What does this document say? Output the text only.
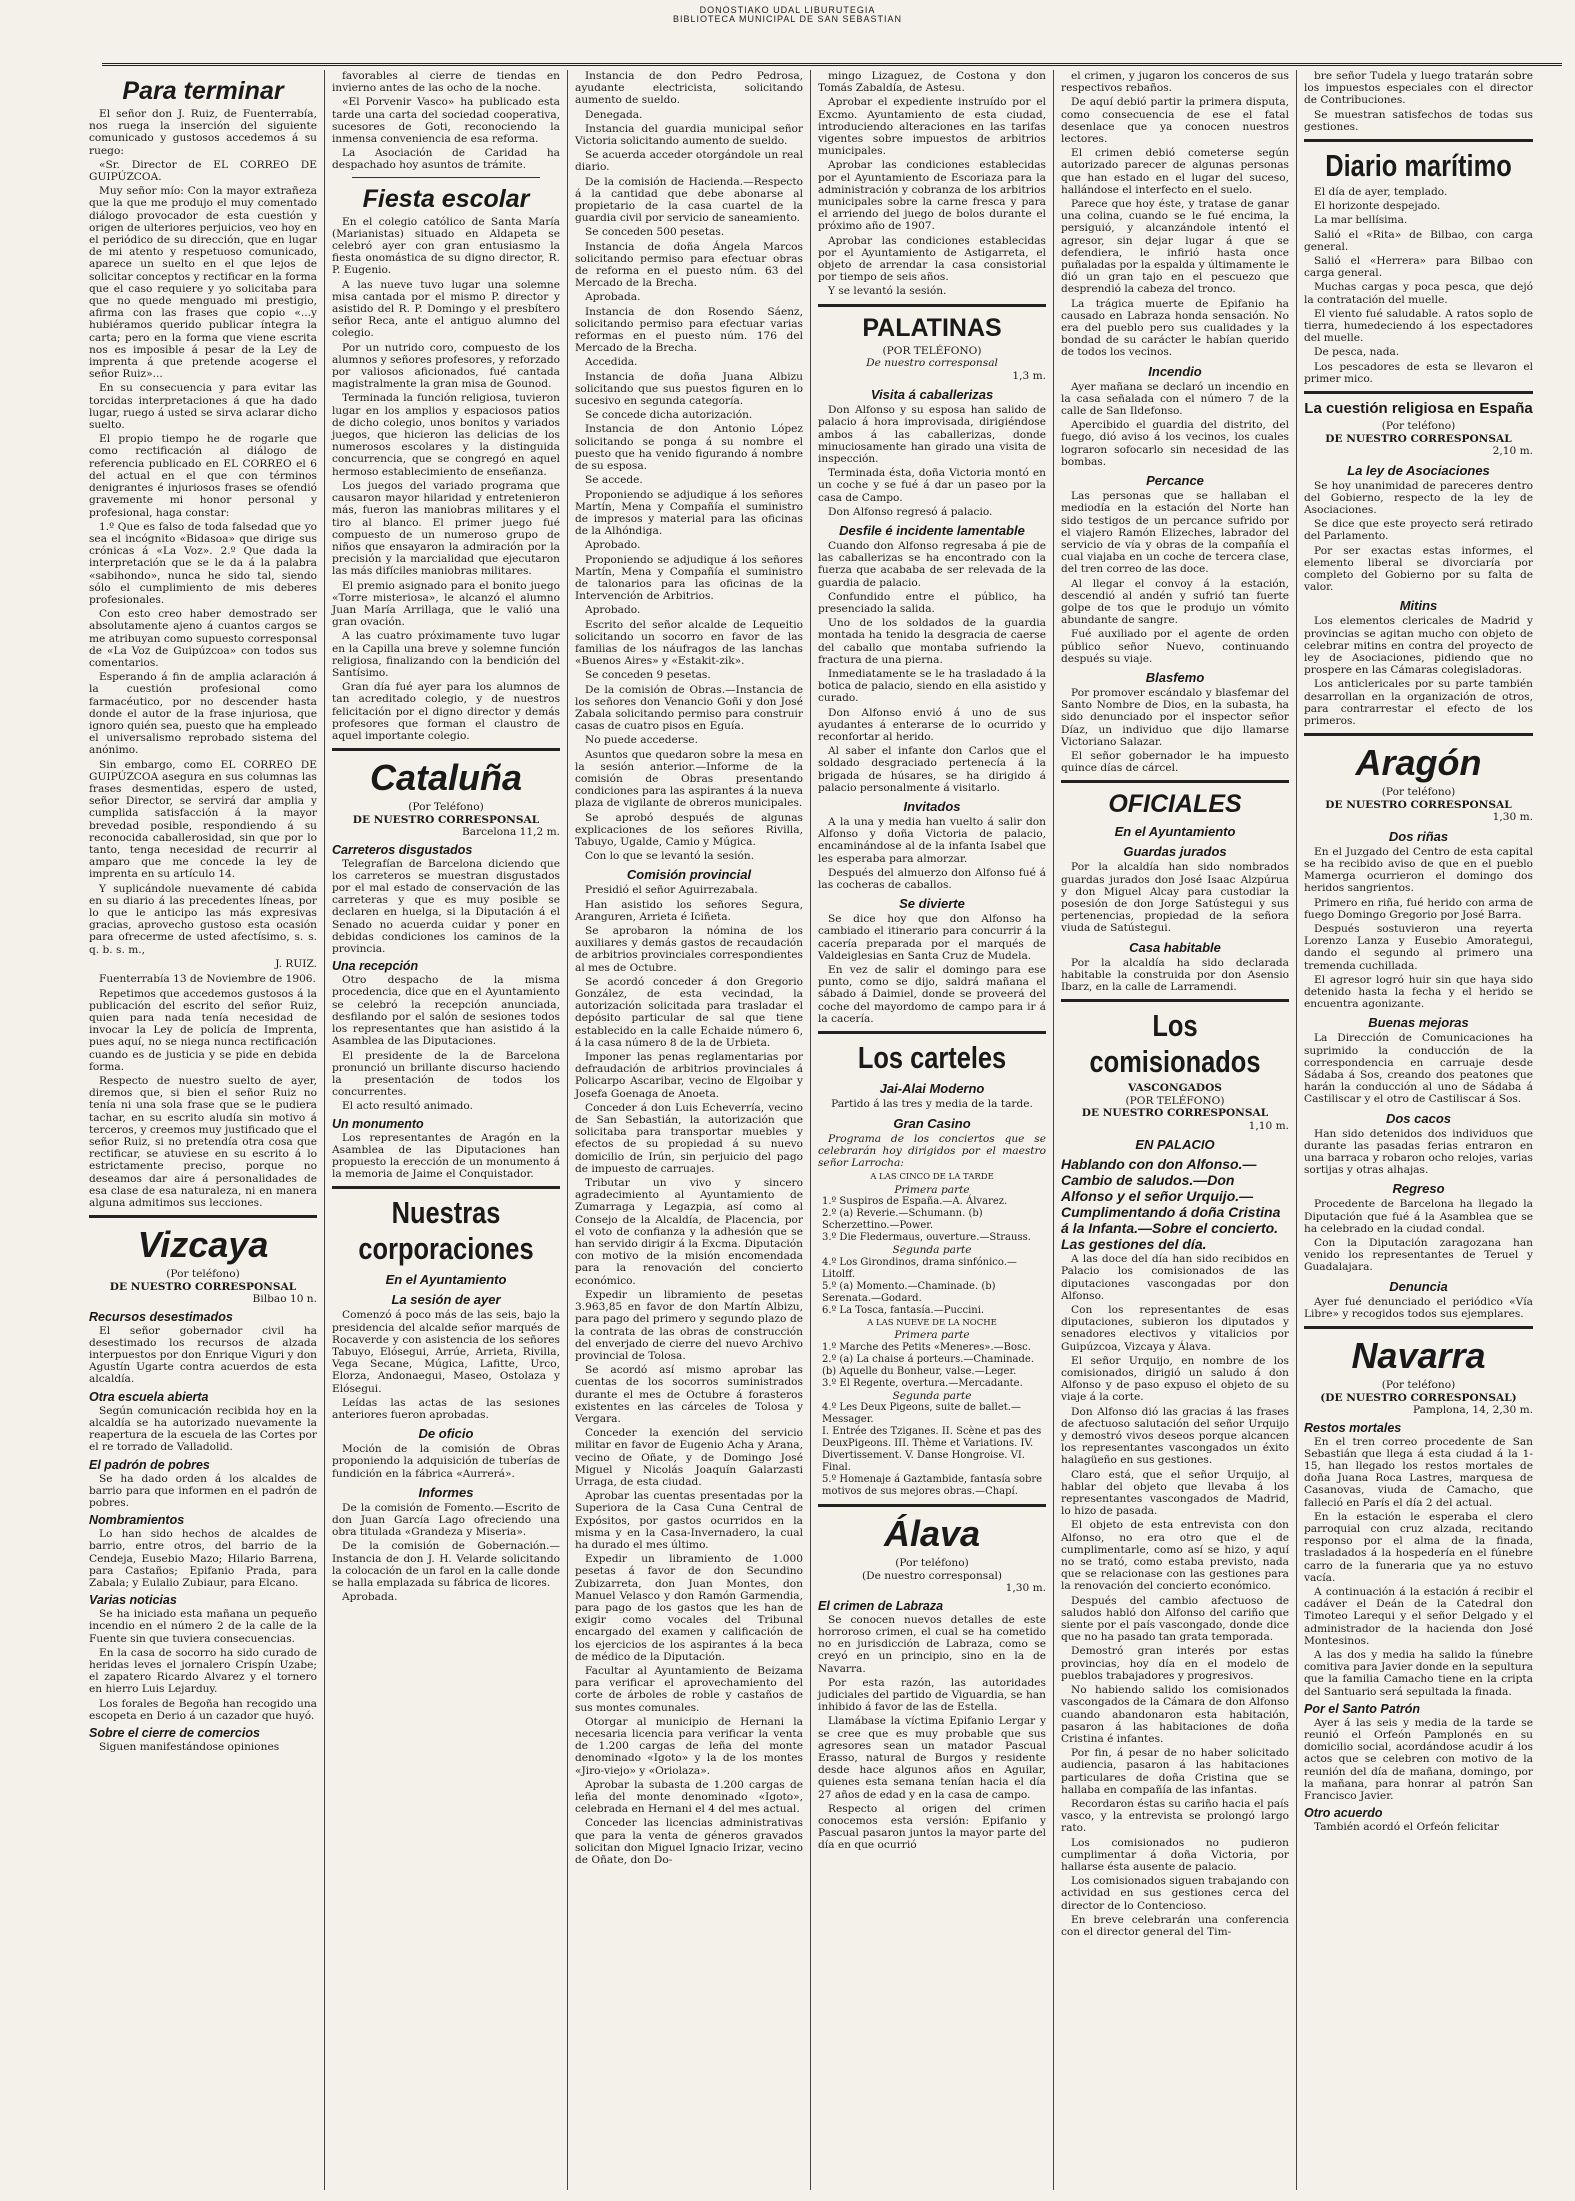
DONOSTIAKO UDAL LIBURUTEGIA
BIBLIOTECA MUNICIPAL DE SAN SEBASTIAN
Para terminar

El señor don J. Ruiz, de Fuenterrabía, nos ruega la inserción del siguiente comunicado y gustosos accedemos á su ruego:

«Sr. Director de EL CORREO DE GUIPÚZCOA.

Muy señor mío: Con la mayor extrañeza que la que me produjo el muy comentado diálogo provocador de esta cuestión y origen de ulteriores perjuicios, veo hoy en el periódico de su dirección, que en lugar de mi atento y respetuoso comunicado, aparece un suelto en el que lejos de solicitar conceptos y rectificar en la forma que el caso requiere y yo solicitaba para que no quede menguado mi prestigio, afirma con las frases que copio «...y hubiéramos querido publicar íntegra la carta; pero en la forma que viene escrita nos es imposible á pesar de la Ley de imprenta á que pretende acogerse el señor Ruiz»...

En su consecuencia y para evitar las torcidas interpretaciones á que ha dado lugar, ruego á usted se sirva aclarar dicho suelto.

El propio tiempo he de rogarle que como rectificación al diálogo de referencia publicado en EL CORREO el 6 del actual en el que con términos denigrantes é injuriosos frases se ofendió gravemente mi honor personal y profesional, haga constar:

1.º Que es falso de toda falsedad que yo sea el incógnito «Bidasoa» que dirige sus crónicas á «La Voz». 2.º Que dada la interpretación que se le da á la palabra «sabihondo», nunca he sido tal, siendo sólo el cumplimiento de mis deberes profesionales.

Con esto creo haber demostrado ser absolutamente ajeno á cuantos cargos se me atribuyan como supuesto corresponsal de «La Voz de Guipúzcoa» con todos sus comentarios.

Esperando á fin de amplia aclaración á la cuestión profesional como farmacéutico, por no descender hasta donde el autor de la frase injuriosa, que ignoro quién sea, puesto que ha empleado el universalismo reprobado sistema del anónimo.

Sin embargo, como EL CORREO DE GUIPÚZCOA asegura en sus columnas las frases desmentidas, espero de usted, señor Director, se servirá dar amplia y cumplida satisfacción á la mayor brevedad posible, respondiendo á su reconocida caballerosidad, sin que por lo tanto, tenga necesidad de recurrir al amparo que me concede la ley de imprenta en su artículo 14.

Y suplicándole nuevamente dé cabida en su diario á las precedentes líneas, por lo que le anticipo las más expresivas gracias, aprovecho gustoso esta ocasión para ofrecerme de usted afectísimo, s. s. q. b. s. m.,

J. RUIZ.

Fuenterrabía 13 de Noviembre de 1906.

Repetimos que accedemos gustosos á la publicación del escrito del señor Ruiz, quien para nada tenía necesidad de invocar la Ley de policía de Imprenta, pues aquí, no se niega nunca rectificación cuando es de justicia y se pide en debida forma.

Respecto de nuestro suelto de ayer, diremos que, si bien el señor Ruiz no tenía ni una sola frase que se le pudiera tachar, en su escrito aludía sin motivo á terceros, y creemos muy justificado que el señor Ruiz, si no pretendía otra cosa que rectificar, se atuviese en su escrito á lo estrictamente preciso, porque no deseamos dar aire á personalidades de esa clase de esa naturaleza, ni en manera alguna admitimos sus lecciones.

Vizcaya

(Por teléfono)

DE NUESTRO CORRESPONSAL

Bilbao 10 n.

Recursos desestimados

El señor gobernador civil ha desestimado los recursos de alzada interpuestos por don Enrique Viguri y don Agustín Ugarte contra acuerdos de esta alcaldía.

Otra escuela abierta

Según comunicación recibida hoy en la alcaldía se ha autorizado nuevamente la reapertura de la escuela de las Cortes por el re torrado de Valladolid.

El padrón de pobres

Se ha dado orden á los alcaldes de barrio para que informen en el padrón de pobres.

Nombramientos

Lo han sido hechos de alcaldes de barrio, entre otros, del barrio de la Cendeja, Eusebio Mazo; Hilario Barrena, para Castaños; Epifanio Prada, para Zabala; y Eulalio Zubiaur, para Elcano.

Varias noticias

Se ha iniciado esta mañana un pequeño incendio en el número 2 de la calle de la Fuente sin que tuviera consecuencias.

En la casa de socorro ha sido curado de heridas leves el jornalero Crispín Uzabe; el zapatero Ricardo Alvarez y el tornero en hierro Luis Lejarduy.

Los forales de Begoña han recogido una escopeta en Derio á un cazador que huyó.

Sobre el cierre de comercios

Siguen manifestándose opiniones

favorables al cierre de tiendas en invierno antes de las ocho de la noche.

«El Porvenir Vasco» ha publicado esta tarde una carta del sociedad cooperativa, sucesores de Goti, reconociendo la inmensa conveniencia de esa reforma.

La Asociación de Caridad ha despachado hoy asuntos de trámite.

Fiesta escolar

En el colegio católico de Santa María (Marianistas) situado en Aldapeta se celebró ayer con gran entusiasmo la fiesta onomástica de su digno director, R. P. Eugenio.

A las nueve tuvo lugar una solemne misa cantada por el mismo P. director y asistido del R. P. Domingo y el presbítero señor Reca, ante el antiguo alumno del colegio.

Por un nutrido coro, compuesto de los alumnos y señores profesores, y reforzado por valiosos aficionados, fué cantada magistralmente la gran misa de Gounod.

Terminada la función religiosa, tuvieron lugar en los amplios y espaciosos patios de dicho colegio, unos bonitos y variados juegos, que hicieron las delicias de los numerosos escolares y la distinguida concurrencia, que se congregó en aquel hermoso establecimiento de enseñanza.

Los juegos del variado programa que causaron mayor hilaridad y entretenieron más, fueron las maniobras militares y el tiro al blanco. El primer juego fué compuesto de un numeroso grupo de niños que ensayaron la admiración por la precisión y la marcialidad que ejecutaron las más difíciles maniobras militares.

El premio asignado para el bonito juego «Torre misteriosa», le alcanzó el alumno Juan María Arrillaga, que le valió una gran ovación.

A las cuatro próximamente tuvo lugar en la Capilla una breve y solemne función religiosa, finalizando con la bendición del Santísimo.

Gran día fué ayer para los alumnos de tan acreditado colegio, y de nuestros felicitación por el digno director y demás profesores que forman el claustro de aquel importante colegio.

Cataluña

(Por Teléfono)

DE NUESTRO CORRESPONSAL

Barcelona 11,2 m.

Carreteros disgustados

Telegrafían de Barcelona diciendo que los carreteros se muestran disgustados por el mal estado de conservación de las carreteras y que es muy posible se declaren en huelga, si la Diputación á el Senado no acuerda cuidar y poner en debidas condiciones los caminos de la provincia.

Una recepción

Otro despacho de la misma procedencia, dice que en el Ayuntamiento se celebró la recepción anunciada, desfilando por el salón de sesiones todos los representantes que han asistido á la Asamblea de las Diputaciones.

El presidente de la de Barcelona pronunció un brillante discurso haciendo la presentación de todos los concurrentes.

El acto resultó animado.

Un monumento

Los representantes de Aragón en la Asamblea de las Diputaciones han propuesto la erección de un monumento á la memoria de Jaime el Conquistador.

Nuestras corporaciones
En el Ayuntamiento
La sesión de ayer

Comenzó á poco más de las seis, bajo la presidencia del alcalde señor marqués de Rocaverde y con asistencia de los señores Tabuyo, Elósegui, Arrúe, Arrieta, Rivilla, Vega Secane, Múgica, Lafitte, Urco, Elorza, Andonaegui, Maseo, Ostolaza y Elósegui.

Leídas las actas de las sesiones anteriores fueron aprobadas.

De oficio

Moción de la comisión de Obras proponiendo la adquisición de tuberías de fundición en la fábrica «Aurrerá».

Informes

De la comisión de Fomento.—Escrito de don Juan García Lago ofreciendo una obra titulada «Grandeza y Miseria».

De la comisión de Gobernación.—Instancia de don J. H. Velarde solicitando la colocación de un farol en la calle donde se halla emplazada su fábrica de licores.

Aprobada.

Instancia de don Pedro Pedrosa, ayudante electricista, solicitando aumento de sueldo.

Denegada.

Instancia del guardia municipal señor Victoria solicitando aumento de sueldo.

Se acuerda acceder otorgándole un real diario.

De la comisión de Hacienda.—Respecto á la cantidad que debe abonarse al propietario de la casa cuartel de la guardia civil por servicio de saneamiento.

Se conceden 500 pesetas.

Instancia de doña Ángela Marcos solicitando permiso para efectuar obras de reforma en el puesto núm. 63 del Mercado de la Brecha.

Aprobada.

Instancia de don Rosendo Sáenz, solicitando permiso para efectuar varias reformas en el puesto núm. 176 del Mercado de la Brecha.

Accedida.

Instancia de doña Juana Albizu solicitando que sus puestos figuren en lo sucesivo en segunda categoría.

Se concede dicha autorización.

Instancia de don Antonio López solicitando se ponga á su nombre el puesto que ha venido figurando á nombre de su esposa.

Se accede.

Proponiendo se adjudique á los señores Martín, Mena y Compañía el suministro de impresos y material para las oficinas de la Alhóndiga.

Aprobado.

Proponiendo se adjudique á los señores Martín, Mena y Compañía el suministro de talonarios para las oficinas de la Intervención de Arbitrios.

Aprobado.

Escrito del señor alcalde de Lequeitio solicitando un socorro en favor de las familias de los náufragos de las lanchas «Buenos Aires» y «Estakit-zik».

Se conceden 9 pesetas.

De la comisión de Obras.—Instancia de los señores don Venancio Goñi y don José Zabala solicitando permiso para construir casas de cuatro pisos en Eguía.

No puede accederse.

Asuntos que quedaron sobre la mesa en la sesión anterior.—Informe de la comisión de Obras presentando condiciones para las aspirantes á la nueva plaza de vigilante de obreros municipales.

Se aprobó después de algunas explicaciones de los señores Rivilla, Tabuyo, Ugalde, Camio y Múgica.

Con lo que se levantó la sesión.

Comisión provincial

Presidió el señor Aguirrezabala.

Han asistido los señores Segura, Aranguren, Arrieta é Iciñeta.

Se aprobaron la nómina de los auxiliares y demás gastos de recaudación de arbitrios provinciales correspondientes al mes de Octubre.

Se acordó conceder á don Gregorio González, de esta vecindad, la autorización solicitada para trasladar el depósito particular de sal que tiene establecido en la calle Echaide número 6, á la casa número 8 de la de Urbieta.

Imponer las penas reglamentarias por defraudación de arbitrios provinciales á Policarpo Ascaribar, vecino de Elgoibar y Josefa Goenaga de Anoeta.

Conceder á don Luis Echeverría, vecino de San Sebastián, la autorización que solicitaba para transportar muebles y efectos de su propiedad á su nuevo domicilio de Irún, sin perjuicio del pago de impuesto de carruajes.

Tributar un vivo y sincero agradecimiento al Ayuntamiento de Zumarraga y Legazpia, así como al Consejo de la Alcaldía, de Placencia, por el voto de confianza y la adhesión que se han servido dirigir á la Excma. Diputación con motivo de la misión encomendada para la renovación del concierto económico.

Expedir un libramiento de pesetas 3.963,85 en favor de don Martín Albizu, para pago del primero y segundo plazo de la contrata de las obras de construcción del enverjado de cierre del nuevo Archivo provincial de Tolosa.

Se acordó así mismo aprobar las cuentas de los socorros suministrados durante el mes de Octubre á forasteros existentes en las cárceles de Tolosa y Vergara.

Conceder la exención del servicio militar en favor de Eugenio Acha y Arana, vecino de Oñate, y de Domingo José Miguel y Nicolás Joaquín Galarzasti Urraga, de esta ciudad.

Aprobar las cuentas presentadas por la Superiora de la Casa Cuna Central de Expósitos, por gastos ocurridos en la misma y en la Casa-Invernadero, la cual ha durado el mes último.

Expedir un libramiento de 1.000 pesetas á favor de don Secundino Zubizarreta, don Juan Montes, don Manuel Velasco y don Ramón Garmendia, para pago de los gastos que les han de exigir como vocales del Tribunal encargado del examen y calificación de los ejercicios de los aspirantes á la beca de médico de la Diputación.

Facultar al Ayuntamiento de Beizama para verificar el aprovechamiento del corte de árboles de roble y castaños de sus montes comunales.

Otorgar al municipio de Hernani la necesaria licencia para verificar la venta de 1.200 cargas de leña del monte denominado «Igoto» y la de los montes «Jiro-viejo» y «Oriolaza».

Aprobar la subasta de 1.200 cargas de leña del monte denominado «Igoto», celebrada en Hernani el 4 del mes actual.

Conceder las licencias administrativas que para la venta de géneros gravados solicitan don Miguel Ignacio Irizar, vecino de Oñate, don Do-

mingo Lizaguez, de Costona y don Tomás Zabaldía, de Astesu.

Aprobar el expediente instruído por el Excmo. Ayuntamiento de esta ciudad, introduciendo alteraciones en las tarifas vigentes sobre impuestos de arbitrios municipales.

Aprobar las condiciones establecidas por el Ayuntamiento de Escoriaza para la administración y cobranza de los arbitrios municipales sobre la carne fresca y para el arriendo del juego de bolos durante el próximo año de 1907.

Aprobar las condiciones establecidas por el Ayuntamiento de Astigarreta, el objeto de arrendar la casa consistorial por tiempo de seis años.

Y se levantó la sesión.

PALATINAS

(POR TELÉFONO)

De nuestro corresponsal

1,3 m.

Visita á caballerizas

Don Alfonso y su esposa han salido de palacio á hora improvisada, dirigiéndose ambos á las caballerizas, donde minuciosamente han girado una visita de inspección.

Terminada ésta, doña Victoria montó en un coche y se fué á dar un paseo por la casa de Campo.

Don Alfonso regresó á palacio.

Desfile é incidente lamentable

Cuando don Alfonso regresaba á pie de las caballerizas se ha encontrado con la fuerza que acababa de ser relevada de la guardia de palacio.

Confundido entre el público, ha presenciado la salida.

Uno de los soldados de la guardia montada ha tenido la desgracia de caerse del caballo que montaba sufriendo la fractura de una pierna.

Inmediatamente se le ha trasladado á la botica de palacio, siendo en ella asistido y curado.

Don Alfonso envió á uno de sus ayudantes á enterarse de lo ocurrido y reconfortar al herido.

Al saber el infante don Carlos que el soldado desgraciado pertenecía á la brigada de húsares, se ha dirigido á palacio personalmente á visitarlo.

Invitados

A la una y media han vuelto á salir don Alfonso y doña Victoria de palacio, encaminándose al de la infanta Isabel que les esperaba para almorzar.

Después del almuerzo don Alfonso fué á las cocheras de caballos.

Se divierte

Se dice hoy que don Alfonso ha cambiado el itinerario para concurrir á la cacería preparada por el marqués de Valdeiglesias en Santa Cruz de Mudela.

En vez de salir el domingo para ese punto, como se dijo, saldrá mañana el sábado á Daimiel, donde se proveerá del coche del mayordomo de campo para ir á la cacería.

Los carteles
Jai-Alai Moderno

Partido á las tres y media de la tarde.

Gran Casino

Programa de los conciertos que se celebrarán hoy dirigidos por el maestro señor Larrocha:

A LAS CINCO DE LA TARDE

Primera parte

1.º Suspiros de España.—A. Álvarez.

2.º (a) Reverie.—Schumann. (b) Scherzettino.—Power.

3.º Die Fledermaus, ouverture.—Strauss.

Segunda parte

4.º Los Girondinos, drama sinfónico.—Litolff.

5.º (a) Momento.—Chaminade. (b) Serenata.—Godard.

6.º La Tosca, fantasía.—Puccini.

A LAS NUEVE DE LA NOCHE

Primera parte

1.º Marche des Petits «Meneres».—Bosc.

2.º (a) La chaise á porteurs.—Chaminade. (b) Aquelle du Bonheur, valse.—Leger.

3.º El Regente, overtura.—Mercadante.

Segunda parte

4.º Les Deux Pigeons, suite de ballet.—Messager.

I. Entrée des Tziganes. II. Scène et pas des DeuxPigeons. III. Thème et Variations. IV. Divertissement. V. Danse Hongroise. VI. Final.

5.º Homenaje á Gaztambide, fantasía sobre motivos de sus mejores obras.—Chapí.

Álava

(Por teléfono)

(De nuestro corresponsal)

1,30 m.

El crimen de Labraza

Se conocen nuevos detalles de este horroroso crimen, el cual se ha cometido no en jurisdicción de Labraza, como se creyó en un principio, sino en la de Navarra.

Por esta razón, las autoridades judiciales del partido de Viguardia, se han inhibido á favor de las de Estella.

Llamábase la víctima Epifanio Lergar y se cree que es muy probable que sus agresores sean un matador Pascual Erasso, natural de Burgos y residente desde hace algunos años en Aguilar, quienes esta semana tenían hacia el día 27 años de edad y en la casa de campo.

Respecto al origen del crimen conocemos esta versión: Epifanio y Pascual pasaron juntos la mayor parte del día en que ocurrió

el crimen, y jugaron los conceros de sus respectivos rebaños.

De aquí debió partir la primera disputa, como consecuencia de ese el fatal desenlace que ya conocen nuestros lectores.

El crimen debió cometerse según autorizado parecer de algunas personas que han estado en el lugar del suceso, hallándose el interfecto en el suelo.

Parece que hoy éste, y tratase de ganar una colina, cuando se le fué encima, la persiguió, y alcanzándole intentó el agresor, sin dejar lugar á que se defendiera, le infirió hasta once puñaladas por la espalda y últimamente le dió un gran tajo en el pescuezo que desprendió la cabeza del tronco.

La trágica muerte de Epifanio ha causado en Labraza honda sensación. No era del pueblo pero sus cualidades y la bondad de su carácter le habían querido de todos los vecinos.

Incendio

Ayer mañana se declaró un incendio en la casa señalada con el número 7 de la calle de San Ildefonso.

Apercibido el guardia del distrito, del fuego, dió aviso á los vecinos, los cuales lograron sofocarlo sin necesidad de las bombas.

Percance

Las personas que se hallaban el mediodía en la estación del Norte han sido testigos de un percance sufrido por el viajero Ramón Elizeches, labrador del servicio de vía y obras de la compañía el cual viajaba en un coche de tercera clase, del tren correo de las doce.

Al llegar el convoy á la estación, descendió al andén y sufrió tan fuerte golpe de tos que le produjo un vómito abundante de sangre.

Fué auxiliado por el agente de orden público señor Nuevo, continuando después su viaje.

Blasfemo

Por promover escándalo y blasfemar del Santo Nombre de Dios, en la subasta, ha sido denunciado por el inspector señor Díaz, un individuo que dijo llamarse Victoriano Salazar.

El señor gobernador le ha impuesto quince días de cárcel.

OFICIALES
En el Ayuntamiento
Guardas jurados

Por la alcaldía han sido nombrados guardas jurados don José Isaac Alzpúrua y don Miguel Alcay para custodiar la posesión de don Jorge Satústegui y sus pertenencias, propiedad de la señora viuda de Satústegui.

Casa habitable

Por la alcaldía ha sido declarada habitable la construida por don Asensio Ibarz, en la calle de Larramendi.

Los comisionados

VASCONGADOS

(POR TELÉFONO)

DE NUESTRO CORRESPONSAL

1,10 m.

EN PALACIO
Hablando con don Alfonso.—Cambio de saludos.—Don Alfonso y el señor Urquijo.—Cumplimentando á doña Cristina á la Infanta.—Sobre el concierto. Las gestiones del día.

A las doce del día han sido recibidos en Palacio los comisionados de las diputaciones vascongadas por don Alfonso.

Con los representantes de esas diputaciones, subieron los diputados y senadores electivos y vitalicios por Guipúzcoa, Vizcaya y Álava.

El señor Urquijo, en nombre de los comisionados, dirigió un saludo á don Alfonso y de paso expuso el objeto de su viaje á la corte.

Don Alfonso dió las gracias á las frases de afectuoso salutación del señor Urquijo y demostró vivos deseos porque alcancen los representantes vascongados un éxito halagüeño en sus gestiones.

Claro está, que el señor Urquijo, al hablar del objeto que llevaba á los representantes vascongados de Madrid, lo hizo de pasada.

El objeto de esta entrevista con don Alfonso, no era otro que el de cumplimentarle, como así se hizo, y aquí no se trató, como estaba previsto, nada que se relacionase con las gestiones para la renovación del concierto económico.

Después del cambio afectuoso de saludos habló don Alfonso del cariño que siente por el país vascongado, donde dice que no ha pasado tan grata temporada.

Demostró gran interés por estas provincias, hoy día en el modelo de pueblos trabajadores y progresivos.

No habiendo salido los comisionados vascongados de la Cámara de don Alfonso cuando abandonaron esta habitación, pasaron á las habitaciones de doña Cristina é infantes.

Por fin, á pesar de no haber solicitado audiencia, pasaron á las habitaciones particulares de doña Cristina que se hallaba en compañía de las infantas.

Recordaron éstas su cariño hacia el país vasco, y la entrevista se prolongó largo rato.

Los comisionados no pudieron cumplimentar á doña Victoria, por hallarse ésta ausente de palacio.

Los comisionados siguen trabajando con actividad en sus gestiones cerca del director de lo Contencioso.

En breve celebrarán una conferencia con el director general del Tim-

bre señor Tudela y luego tratarán sobre los impuestos especiales con el director de Contribuciones.

Se muestran satisfechos de todas sus gestiones.

Diario marítimo

El día de ayer, templado.

El horizonte despejado.

La mar bellísima.

Salió el «Rita» de Bilbao, con carga general.

Salió el «Herrera» para Bilbao con carga general.

Muchas cargas y poca pesca, que dejó la contratación del muelle.

El viento fué saludable. A ratos soplo de tierra, humedeciendo á los espectadores del muelle.

De pesca, nada.

Los pescadores de esta se llevaron el primer mico.

La cuestión religiosa en España

(Por teléfono)

DE NUESTRO CORRESPONSAL

2,10 m.

La ley de Asociaciones

Se hoy unanimidad de pareceres dentro del Gobierno, respecto de la ley de Asociaciones.

Se dice que este proyecto será retirado del Parlamento.

Por ser exactas estas informes, el elemento liberal se divorciaría por completo del Gobierno por su falta de valor.

Mitins

Los elementos clericales de Madrid y provincias se agitan mucho con objeto de celebrar mitins en contra del proyecto de ley de Asociaciones, pidiendo que no prospere en las Cámaras colegisladoras.

Los anticlericales por su parte también desarrollan en la organización de otros, para contrarrestar el efecto de los primeros.

Aragón

(Por teléfono)

DE NUESTRO CORRESPONSAL

1,30 m.

Dos riñas

En el Juzgado del Centro de esta capital se ha recibido aviso de que en el pueblo Mamerga ocurrieron el domingo dos heridos sangrientos.

Primero en riña, fué herido con arma de fuego Domingo Gregorio por José Barra.

Después sostuvieron una reyerta Lorenzo Lanza y Eusebio Amorategui, dando el segundo al primero una tremenda cuchillada.

El agresor logró huir sin que haya sido detenido hasta la fecha y el herido se encuentra agonizante.

Buenas mejoras

La Dirección de Comunicaciones ha suprimido la conducción de la correspondencia en carruaje desde Sádaba á Sos, creando dos peatones que harán la conducción al uno de Sádaba á Castiliscar y el otro de Castiliscar á Sos.

Dos cacos

Han sido detenidos dos individuos que durante las pasadas ferias entraron en una barraca y robaron ocho relojes, varias sortijas y otras alhajas.

Regreso

Procedente de Barcelona ha llegado la Diputación que fué á la Asamblea que se ha celebrado en la ciudad condal.

Con la Diputación zaragozana han venido los representantes de Teruel y Guadalajara.

Denuncia

Ayer fué denunciado el periódico «Vía Libre» y recogidos todos sus ejemplares.

Navarra

(Por teléfono)

(DE NUESTRO CORRESPONSAL)

Pamplona, 14, 2,30 m.

Restos mortales

En el tren correo procedente de San Sebastián que llega á esta ciudad á la 1-15, han llegado los restos mortales de doña Juana Roca Lastres, marquesa de Casanovas, viuda de Camacho, que falleció en París el día 2 del actual.

En la estación le esperaba el clero parroquial con cruz alzada, recitando responso por el alma de la finada, trasladados á la hospedería en el fúnebre carro de la funeraria que ya no estuvo vacía.

A continuación á la estación á recibir el cadáver el Deán de la Catedral don Timoteo Larequi y el señor Delgado y el administrador de la hacienda don José Montesinos.

A las dos y media ha salido la fúnebre comitiva para Javier donde en la sepultura que la familia Camacho tiene en la cripta del Santuario será sepultada la finada.

Por el Santo Patrón

Ayer á las seis y media de la tarde se reunió el Orfeón Pamplonés en su domicilio social, acordándose acudir á los actos que se celebren con motivo de la reunión del día de mañana, domingo, por la mañana, para honrar al patrón San Francisco Javier.

Otro acuerdo

También acordó el Orfeón felicitar
